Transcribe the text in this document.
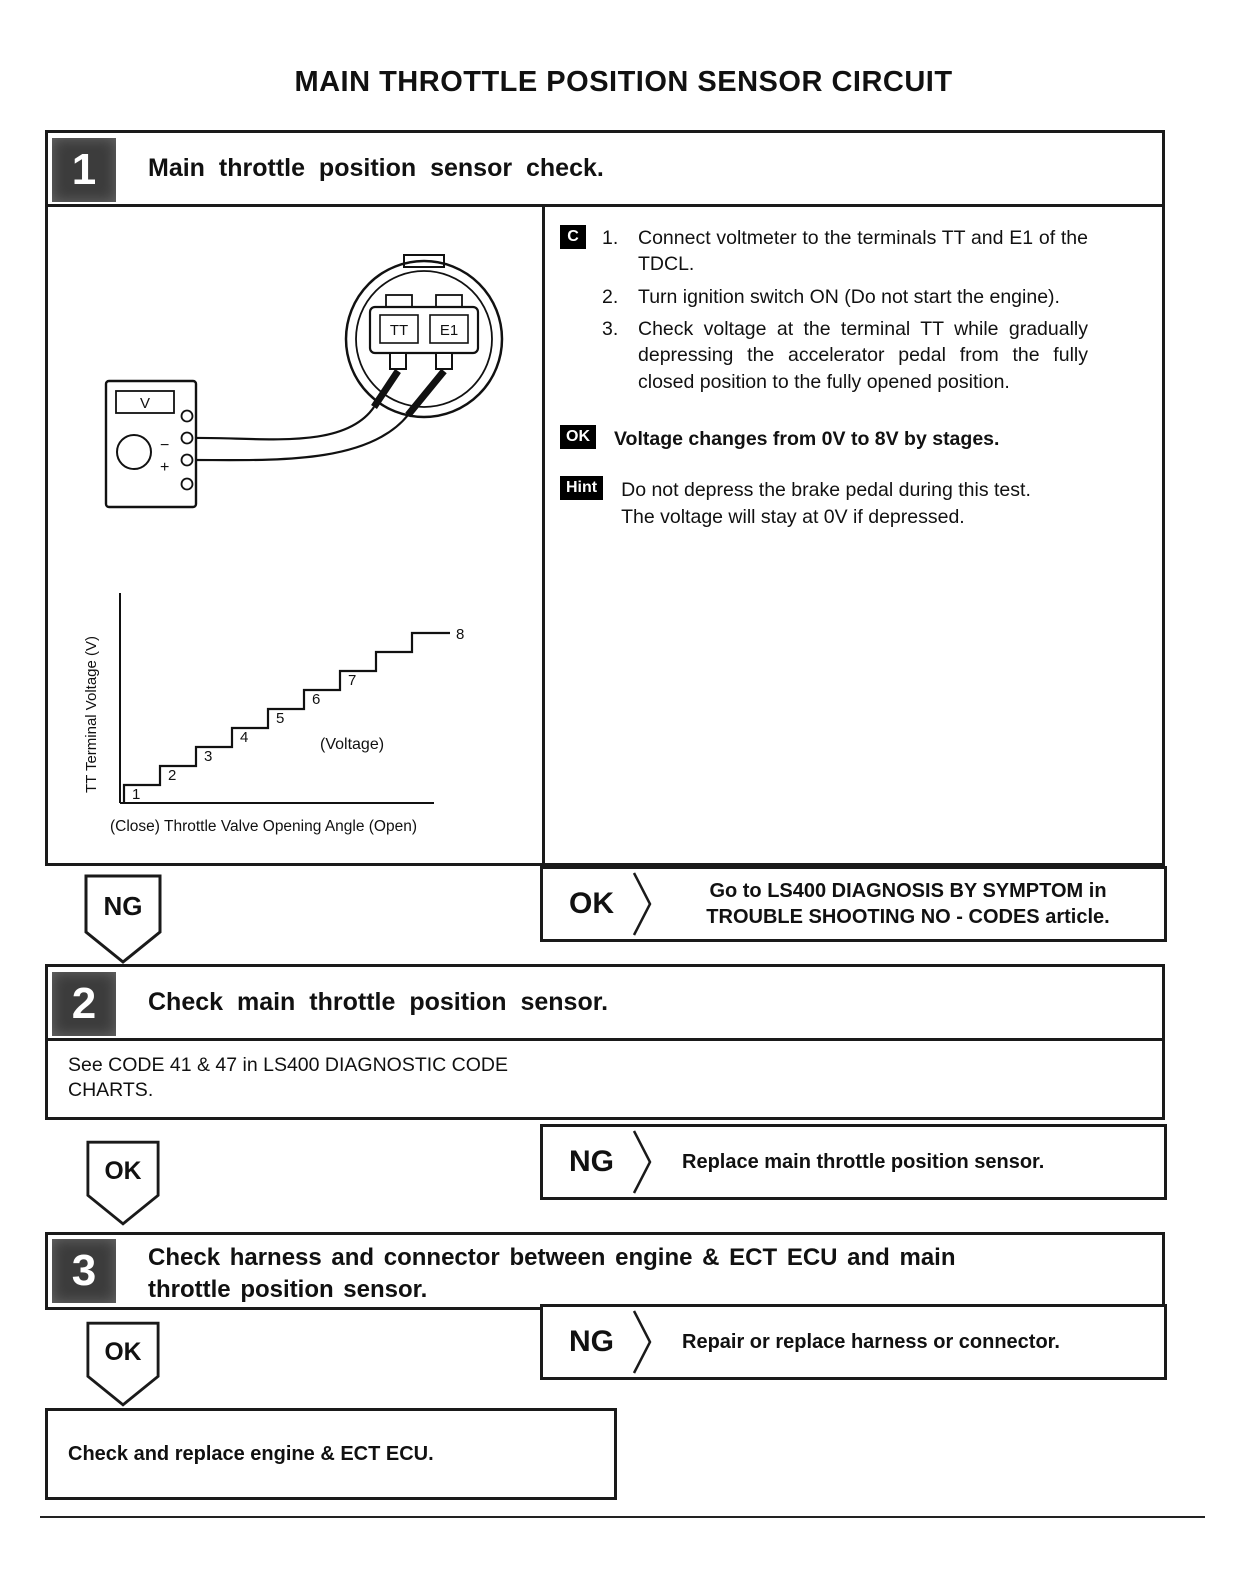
MAIN THROTTLE POSITION SENSOR CIRCUIT
1	Main throttle position sensor check.
TT E1
V
−
+
1
2
3
4
5
6
7
8
(Voltage)
(Close) Throttle Valve Opening Angle (Open)
TT Terminal Voltage (V)
C	1.	Connect voltmeter to the terminals TT and E1 of the TDCL.
2.	Turn ignition switch ON (Do not start the engine).
3.	Check voltage at the terminal TT while gradually depressing the accelerator pedal from the fully closed position to the fully opened position.
OK	Voltage changes from 0V to 8V by stages.
Hint	Do not depress the brake pedal during this test.
The voltage will stay at 0V if depressed.
NG	OK	Go to LS400 DIAGNOSIS BY SYMPTOM in
TROUBLE SHOOTING NO - CODES article.
2	Check main throttle position sensor.
See CODE 41 & 47 in LS400 DIAGNOSTIC CODE
CHARTS.
NG	Replace main throttle position sensor.
OK
3	Check harness and connector between engine & ECT ECU and main
throttle position sensor.
NG	Repair or replace harness or connector.
OK
Check and replace engine & ECT ECU.
